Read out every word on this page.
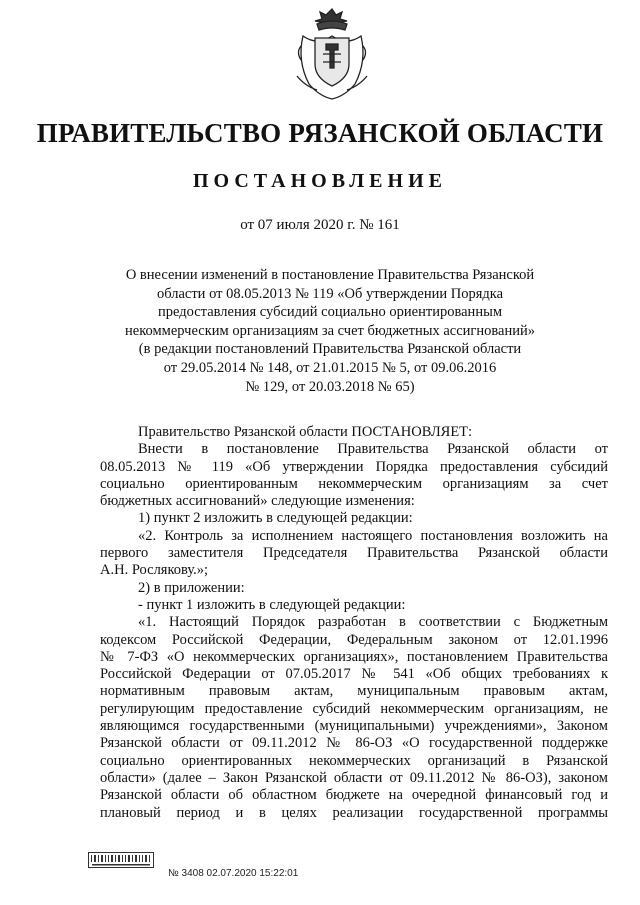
ПРАВИТЕЛЬСТВО РЯЗАНСКОЙ ОБЛАСТИ
ПОСТАНОВЛЕНИЕ
от 07 июля 2020 г. № 161
О внесении изменений в постановление Правительства Рязанской
области от 08.05.2013 № 119 «Об утверждении Порядка
предоставления субсидий социально ориентированным
некоммерческим организациям за счет бюджетных ассигнований»
(в редакции постановлений Правительства Рязанской области
от 29.05.2014 № 148, от 21.01.2015 № 5, от 09.06.2016
№ 129, от 20.03.2018 № 65)
Правительство Рязанской области ПОСТАНОВЛЯЕТ:
Внести в постановление Правительства Рязанской области от
08.05.2013 № 119 «Об утверждении Порядка предоставления субсидий
социально ориентированным некоммерческим организациям за счет
бюджетных ассигнований» следующие изменения:
1) пункт 2 изложить в следующей редакции:
«2. Контроль за исполнением настоящего постановления возложить на
первого заместителя Председателя Правительства Рязанской области
А.Н. Рослякову.»;
2) в приложении:
- пункт 1 изложить в следующей редакции:
«1. Настоящий Порядок разработан в соответствии с Бюджетным
кодексом Российской Федерации, Федеральным законом от 12.01.1996
№ 7-ФЗ «О некоммерческих организациях», постановлением Правительства
Российской Федерации от 07.05.2017 № 541 «Об общих требованиях к
нормативным правовым актам, муниципальным правовым актам,
регулирующим предоставление субсидий некоммерческим организациям, не
являющимся государственными (муниципальными) учреждениями», Законом
Рязанской области от 09.11.2012 № 86-ОЗ «О государственной поддержке
социально ориентированных некоммерческих организаций в Рязанской
области» (далее – Закон Рязанской области от 09.11.2012 № 86-ОЗ), законом
Рязанской области об областном бюджете на очередной финансовый год и
плановый период и в целях реализации государственной программы
№ 3408 02.07.2020 15:22:01
